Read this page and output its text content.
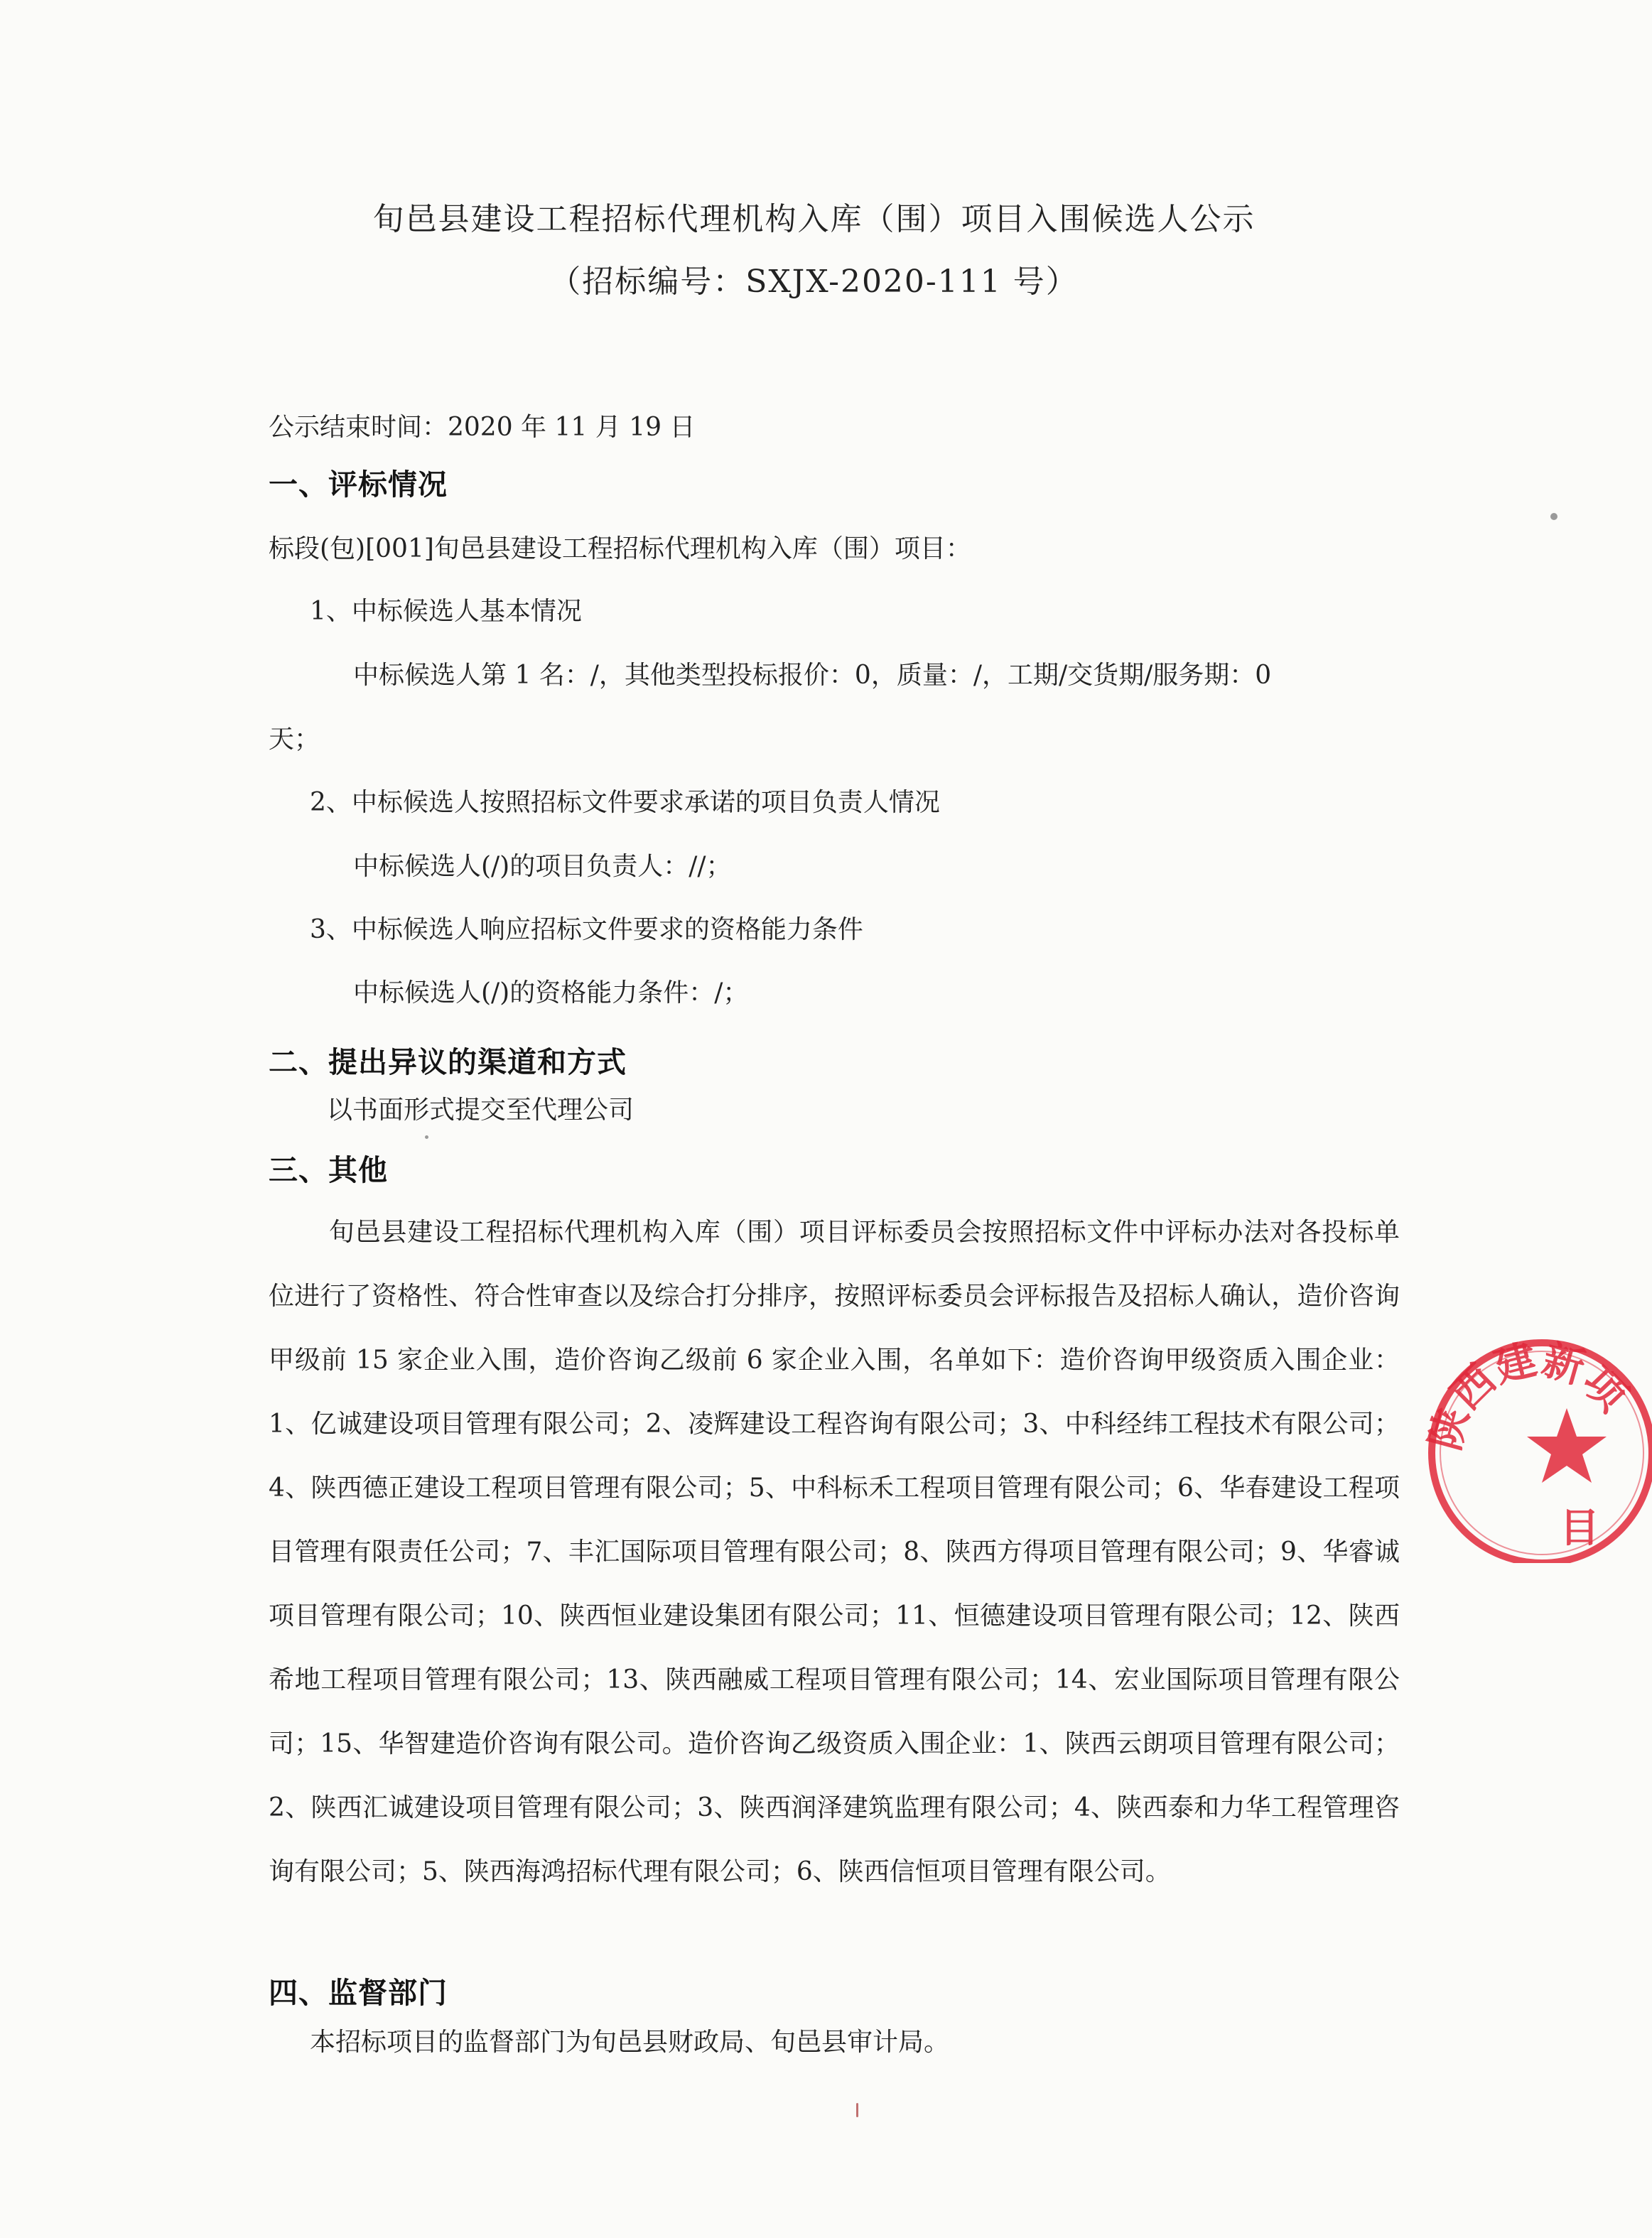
旬邑县建设工程招标代理机构入库（围）项目入围候选人公示
（招标编号：SXJX-2020-111 号）
公示结束时间：2020 年 11 月 19 日
一、评标情况
标段(包)[001]旬邑县建设工程招标代理机构入库（围）项目：
1、中标候选人基本情况
中标候选人第 1 名：/，其他类型投标报价：0，质量：/，工期/交货期/服务期：0
天；
2、中标候选人按照招标文件要求承诺的项目负责人情况
中标候选人(/)的项目负责人：//；
3、中标候选人响应招标文件要求的资格能力条件
中标候选人(/)的资格能力条件：/；
二、提出异议的渠道和方式
以书面形式提交至代理公司
三、其他
旬邑县建设工程招标代理机构入库（围）项目评标委员会按照招标文件中评标办法对各投标单位进行了资格性、符合性审查以及综合打分排序，按照评标委员会评标报告及招标人确认，造价咨询甲级前 15 家企业入围，造价咨询乙级前 6 家企业入围，名单如下：造价咨询甲级资质入围企业：1、亿诚建设项目管理有限公司；2、凌辉建设工程咨询有限公司；3、中科经纬工程技术有限公司；4、陕西德正建设工程项目管理有限公司；5、中科标禾工程项目管理有限公司；6、华春建设工程项目管理有限责任公司；7、丰汇国际项目管理有限公司；8、陕西方得项目管理有限公司；9、华睿诚项目管理有限公司；10、陕西恒业建设集团有限公司；11、恒德建设项目管理有限公司；12、陕西希地工程项目管理有限公司；13、陕西融威工程项目管理有限公司；14、宏业国际项目管理有限公司；15、华智建造价咨询有限公司。造价咨询乙级资质入围企业：1、陕西云朗项目管理有限公司；2、陕西汇诚建设项目管理有限公司；3、陕西润泽建筑监理有限公司；4、陕西泰和力华工程管理咨询有限公司；5、陕西海鸿招标代理有限公司；6、陕西信恒项目管理有限公司。
四、监督部门
本招标项目的监督部门为旬邑县财政局、旬邑县审计局。
陕西建新项
目
